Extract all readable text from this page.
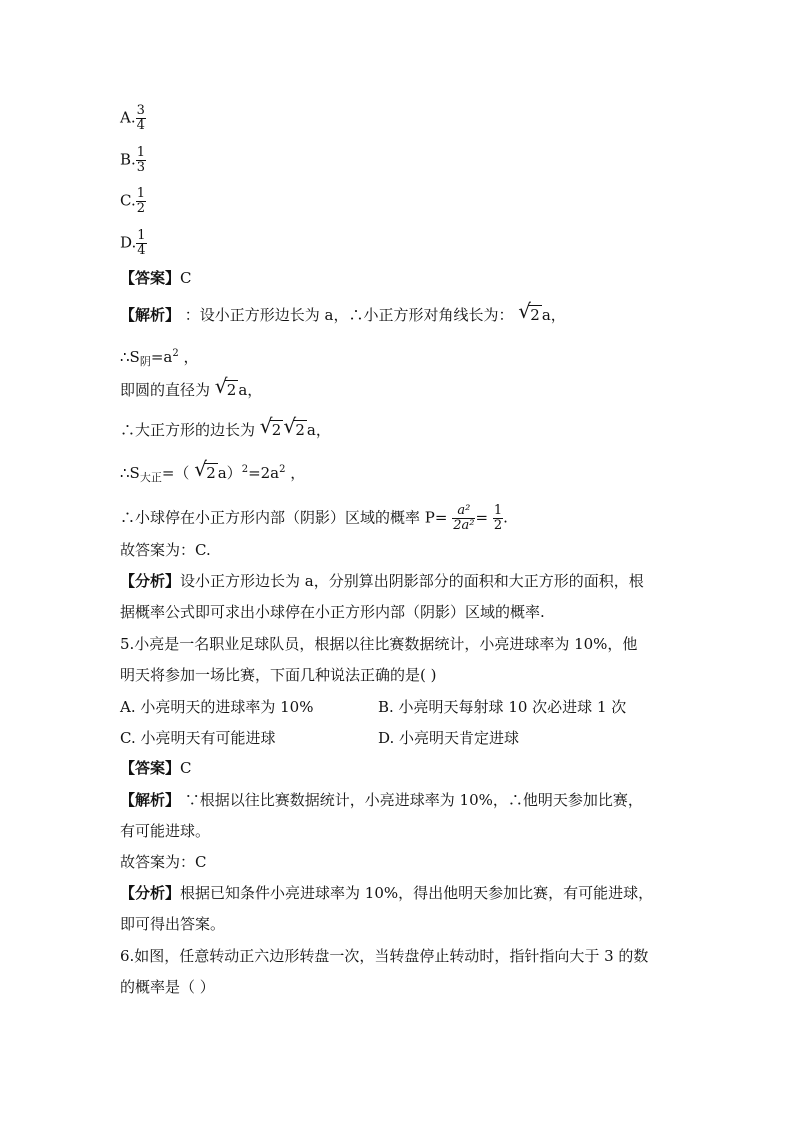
A. $\frac{3}{4}$
B. $\frac{1}{3}$
C. $\frac{1}{2}$
D. $\frac{1}{4}$
【答案】C
【解析】 ：设小正方形边长为 a，∴小正方形对角线长为： √ 2 a，
$\therefore S_阴=a^2$ ，
即圆的直径为 √ 2 a，
∴大正方形的边长为 √ 2 √ 2 a，
$\therefore S_{大正}=$（ √ 2 $a)^2=2a^2$ ，
∴小球停在小正方形内部（阴影）区域的概率 $P= \frac{\text{a²}}{\text{2a²}} = \frac{1}{2}$ .
故答案为：C.
【分析】设小正方形边长为 a，分别算出阴影部分的面积和大正方形的面积，根
据概率公式即可求出小球停在小正方形内部（阴影）区域的概率.
5.小亮是一名职业足球队员，根据以往比赛数据统计，小亮进球率为 10%，他
明天将参加一场比赛，下面几种说法正确的是( )
A. 小亮明天的进球率为 10%	B. 小亮明天每射球 10 次必进球 1 次
C. 小亮明天有可能进球	D. 小亮明天肯定进球
【答案】C
【解析】 ∵根据以往比赛数据统计，小亮进球率为 10%，∴他明天参加比赛，
有可能进球。
故答案为：C
【分析】根据已知条件小亮进球率为 10%，得出他明天参加比赛，有可能进球，
即可得出答案。
6.如图，任意转动正六边形转盘一次，当转盘停止转动时，指针指向大于 3 的数
的概率是（ ）
